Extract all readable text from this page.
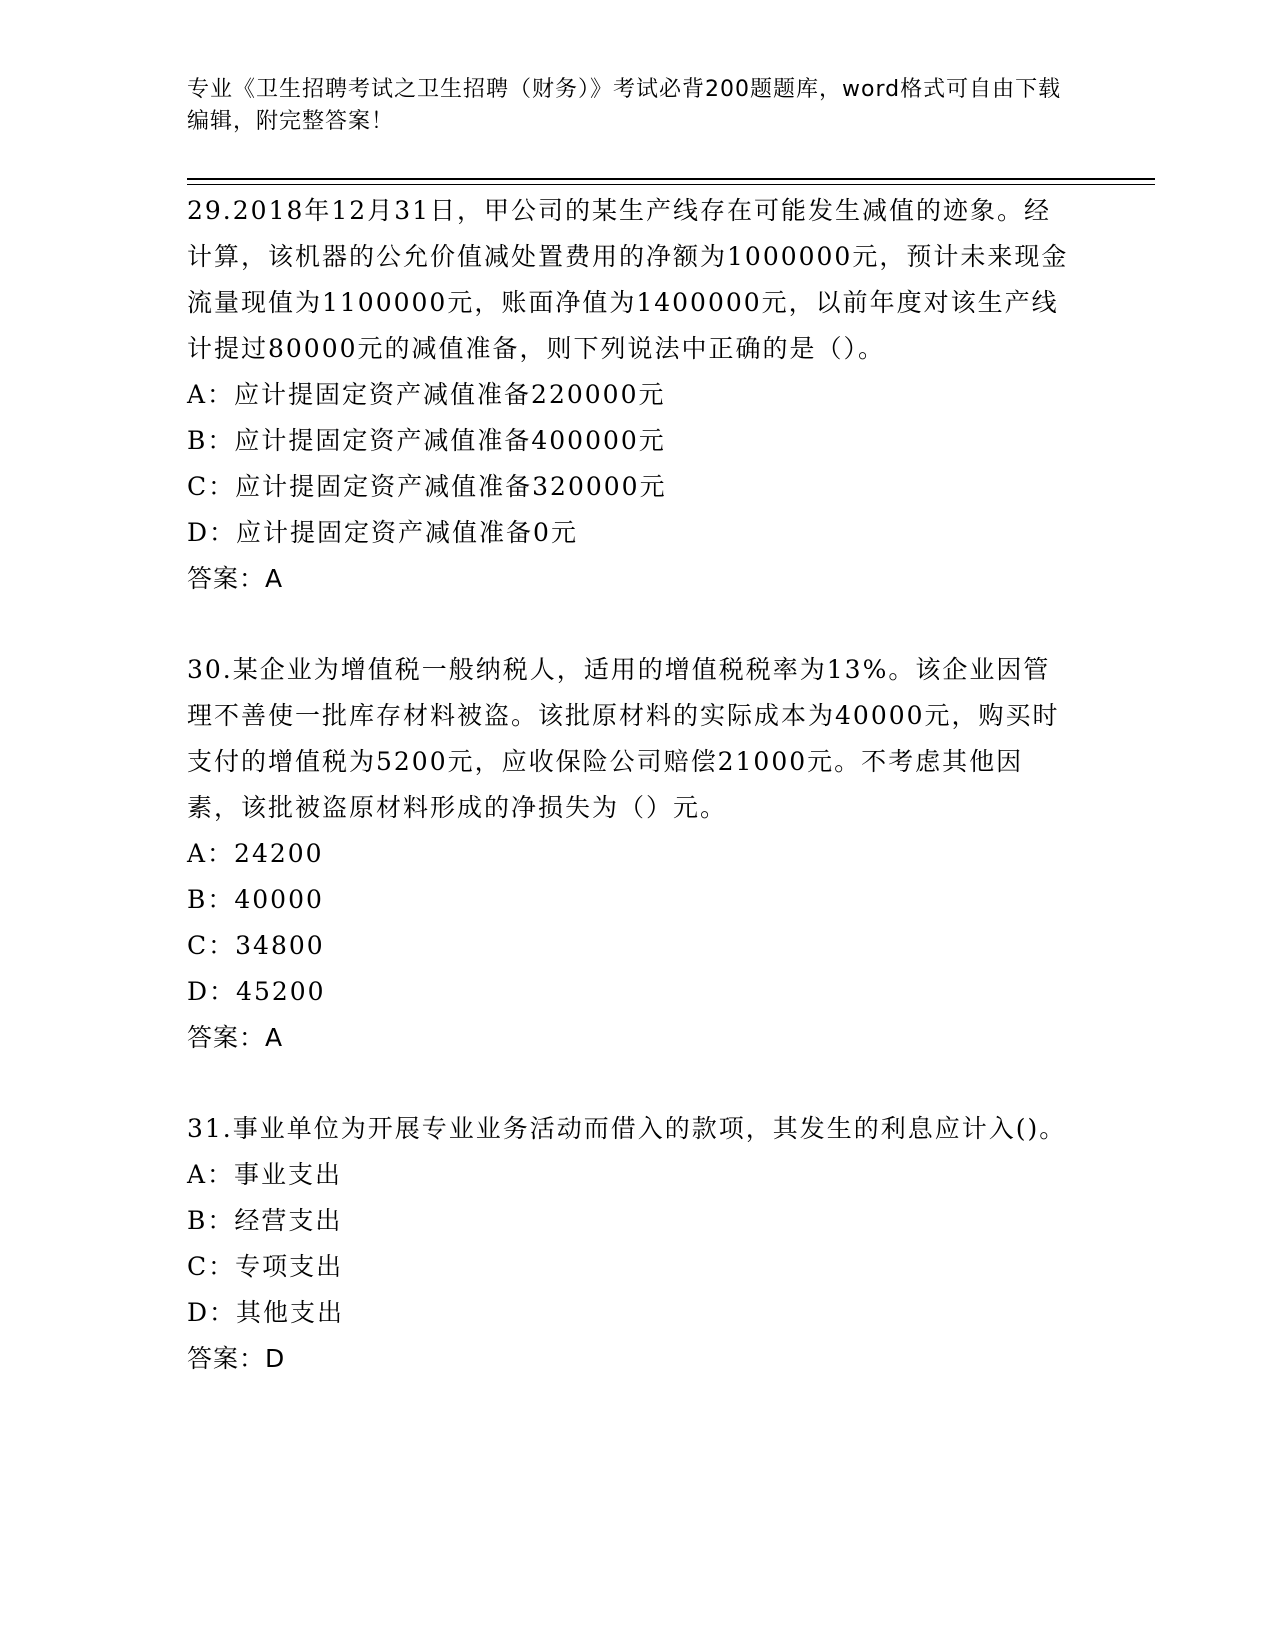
专业《卫生招聘考试之卫生招聘（财务）》考试必背200题题库，word格式可自由下载编辑，附完整答案！
29.2018年12月31日，甲公司的某生产线存在可能发生减值的迹象。经计算，该机器的公允价值减处置费用的净额为1000000元，预计未来现金流量现值为1100000元，账面净值为1400000元，以前年度对该生产线计提过80000元的减值准备，则下列说法中正确的是（）。
A：应计提固定资产减值准备220000元
B：应计提固定资产减值准备400000元
C：应计提固定资产减值准备320000元
D：应计提固定资产减值准备0元
答案：A
30.某企业为增值税一般纳税人，适用的增值税税率为13%。该企业因管理不善使一批库存材料被盗。该批原材料的实际成本为40000元，购买时支付的增值税为5200元，应收保险公司赔偿21000元。不考虑其他因素，该批被盗原材料形成的净损失为（）元。
A：24200
B：40000
C：34800
D：45200
答案：A
31.事业单位为开展专业业务活动而借入的款项，其发生的利息应计入()。
A：事业支出
B：经营支出
C：专项支出
D：其他支出
答案：D
